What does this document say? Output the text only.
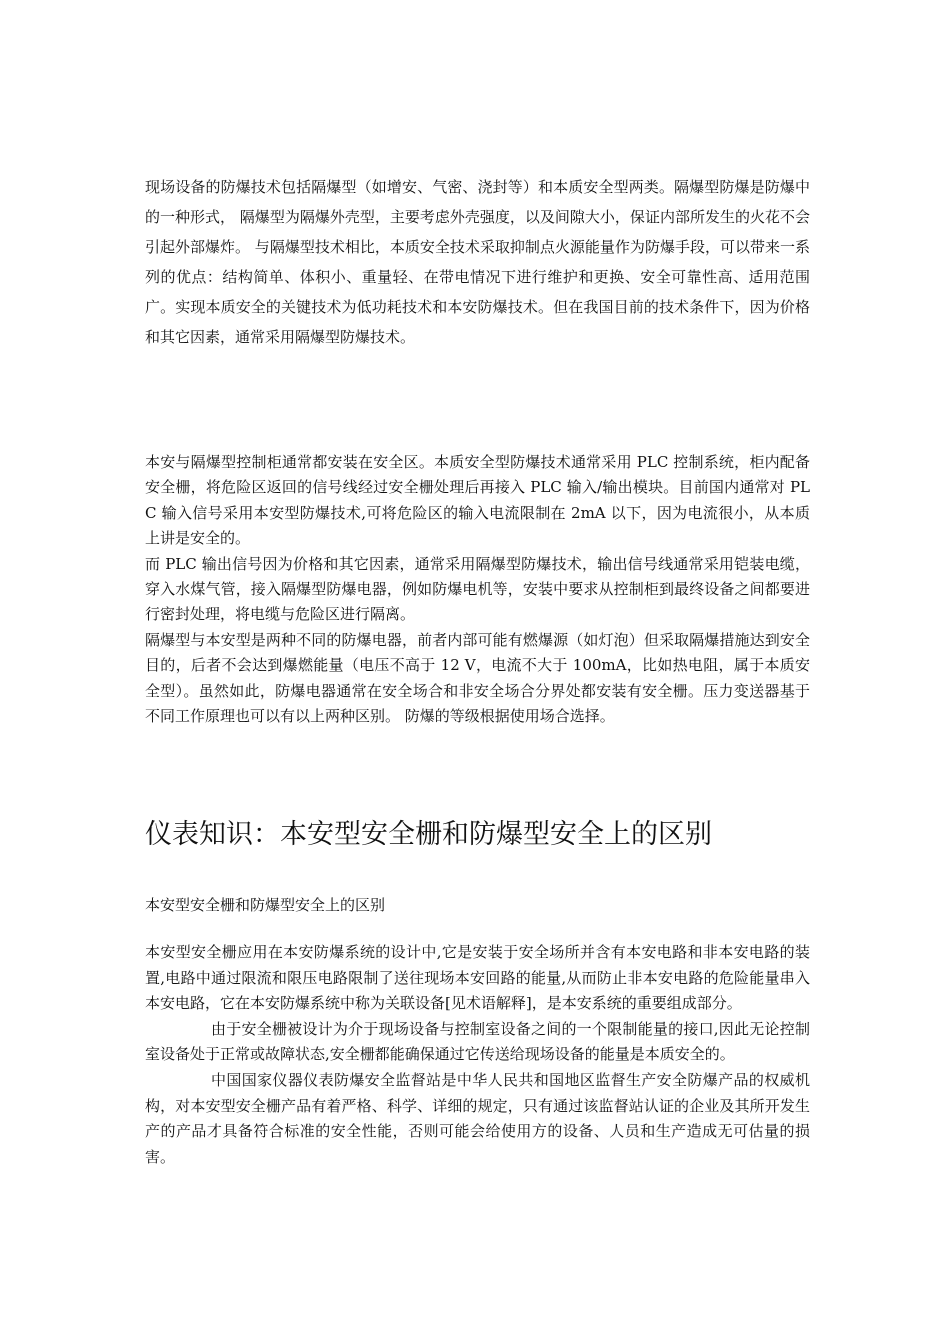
现场设备的防爆技术包括隔爆型（如增安、气密、浇封等）和本质安全型两类。隔爆型防爆是防爆中的一种形式， 隔爆型为隔爆外壳型，主要考虑外壳强度，以及间隙大小，保证内部所发生的火花不会引起外部爆炸。 与隔爆型技术相比，本质安全技术采取抑制点火源能量作为防爆手段，可以带来一系列的优点：结构简单、体积小、重量轻、在带电情况下进行维护和更换、安全可靠性高、适用范围广。实现本质安全的关键技术为低功耗技术和本安防爆技术。但在我国目前的技术条件下，因为价格和其它因素，通常采用隔爆型防爆技术。

本安与隔爆型控制柜通常都安装在安全区。本质安全型防爆技术通常采用 PLC 控制系统，柜内配备安全栅，将危险区返回的信号线经过安全栅处理后再接入 PLC 输入/输出模块。目前国内通常对 PLC 输入信号采用本安型防爆技术,可将危险区的输入电流限制在 2mA 以下，因为电流很小，从本质上讲是安全的。

而 PLC 输出信号因为价格和其它因素，通常采用隔爆型防爆技术，输出信号线通常采用铠装电缆，穿入水煤气管，接入隔爆型防爆电器，例如防爆电机等，安装中要求从控制柜到最终设备之间都要进行密封处理，将电缆与危险区进行隔离。

隔爆型与本安型是两种不同的防爆电器，前者内部可能有燃爆源（如灯泡）但采取隔爆措施达到安全目的，后者不会达到爆燃能量（电压不高于 12 V，电流不大于 100mA，比如热电阻，属于本质安全型）。虽然如此，防爆电器通常在安全场合和非安全场合分界处都安装有安全栅。压力变送器基于不同工作原理也可以有以上两种区别。 防爆的等级根据使用场合选择。

仪表知识：本安型安全栅和防爆型安全上的区别

本安型安全栅和防爆型安全上的区别

本安型安全栅应用在本安防爆系统的设计中,它是安装于安全场所并含有本安电路和非本安电路的装置,电路中通过限流和限压电路限制了送往现场本安回路的能量,从而防止非本安电路的危险能量串入本安电路，它在本安防爆系统中称为关联设备[见术语解释]，是本安系统的重要组成部分。

由于安全栅被设计为介于现场设备与控制室设备之间的一个限制能量的接口,因此无论控制室设备处于正常或故障状态,安全栅都能确保通过它传送给现场设备的能量是本质安全的。

中国国家仪器仪表防爆安全监督站是中华人民共和国地区监督生产安全防爆产品的权威机构，对本安型安全栅产品有着严格、科学、详细的规定，只有通过该监督站认证的企业及其所开发生产的产品才具备符合标准的安全性能，否则可能会给使用方的设备、人员和生产造成无可估量的损害。
